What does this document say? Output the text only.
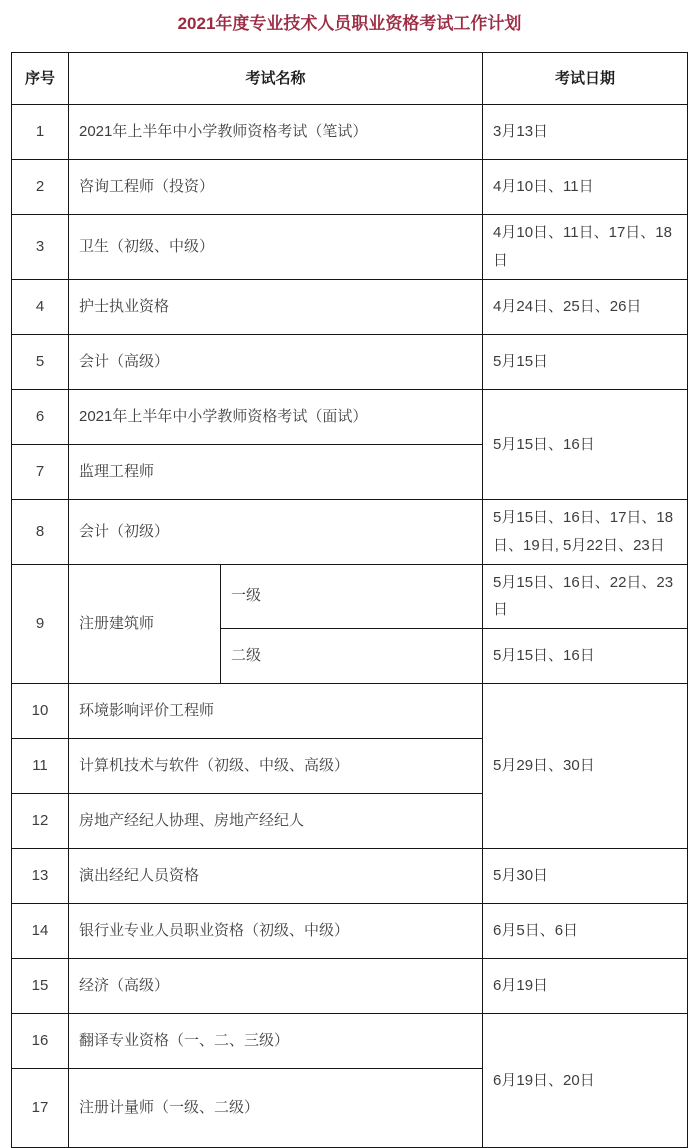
2021年度专业技术人员职业资格考试工作计划
序号	考试名称		考试日期
1	2021年上半年中小学教师资格考试（笔试）		3月13日
2	咨询工程师（投资）		4月10日、11日
3	卫生（初级、中级）		4月10日、11日、17日、18日
4	护士执业资格		4月24日、25日、26日
5	会计（高级）		5月15日
6	2021年上半年中小学教师资格考试（面试）		5月15日、16日
7	监理工程师		
8	会计（初级）		5月15日、16日、17日、18日、19日, 5月22日、23日
9	注册建筑师	一级	5月15日、16日、22日、23日
		二级	5月15日、16日
10	环境影响评价工程师		5月29日、30日
11	计算机技术与软件（初级、中级、高级）		
12	房地产经纪人协理、房地产经纪人		
13	演出经纪人员资格		5月30日
14	银行业专业人员职业资格（初级、中级）		6月5日、6日
15	经济（高级）		6月19日
16	翻译专业资格（一、二、三级）		6月19日、20日
17	注册计量师（一级、二级）		
